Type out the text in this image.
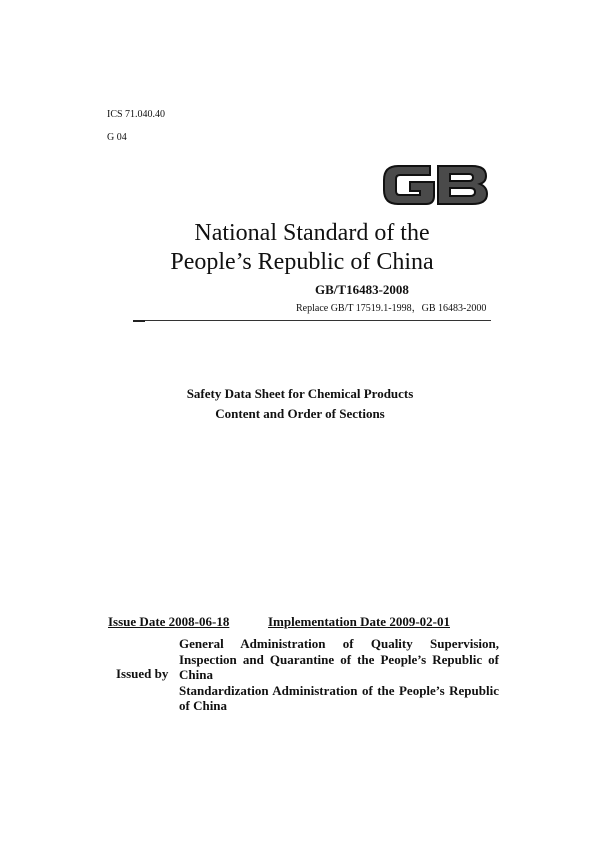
ICS 71.040.40
G 04
National Standard of the
People’s Republic of China
GB/T16483-2008
Replace GB/T 17519.1-1998，GB 16483-2000
Safety Data Sheet for Chemical Products
Content and Order of Sections
Issue Date 2008-06-18	Implementation Date 2009-02-01
Issued by
General Administration of Quality Supervision, Inspection and Quarantine of the People’s Republic of China
Standardization Administration of the People’s Republic of China
